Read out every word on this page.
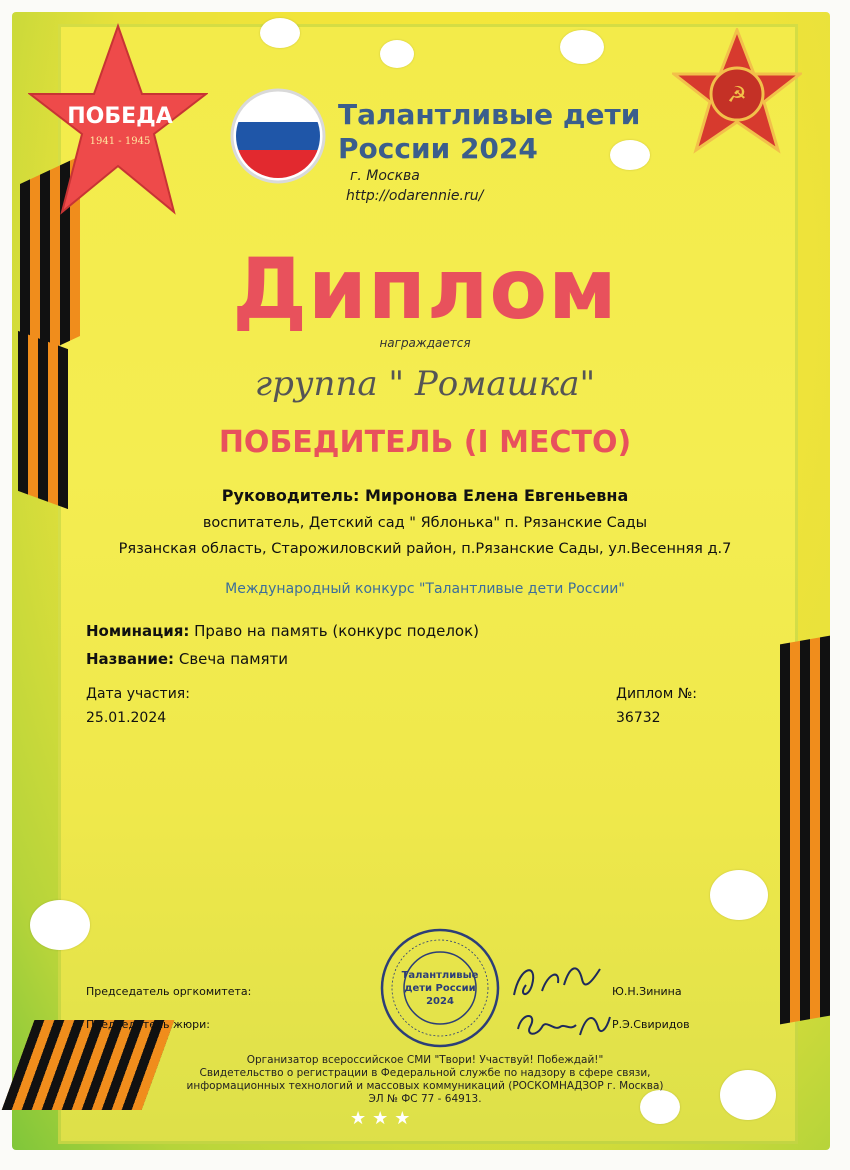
ПОБЕДА
1941 - 1945
Талантливые дети
России 2024
г. Москва
http://odarennie.ru/
☭
Диплом
награждается
группа " Ромашка"
ПОБЕДИТЕЛЬ (I МЕСТО)
Руководитель: Миронова Елена Евгеньевна
воспитатель, Детский сад " Яблонька" п. Рязанские Сады
Рязанская область, Старожиловский район, п.Рязанские Сады, ул.Весенняя д.7
Международный конкурс "Талантливые дети России"
Номинация: Право на память (конкурс поделок)
Название: Свеча памяти
Дата участия:
25.01.2024
Диплом №:
36732
Талантливые
дети России
2024
Председатель оргкомитета:	Ю.Н.Зинина
Председатель жюри:	Р.Э.Свиридов
Организатор всероссийское СМИ "Твори! Участвуй! Побеждай!"
Свидетельство о регистрации в Федеральной службе по надзору в сфере связи,
информационных технологий и массовых коммуникаций (РОСКОМНАДЗОР г. Москва)
ЭЛ № ФС 77 - 64913.
★★★
